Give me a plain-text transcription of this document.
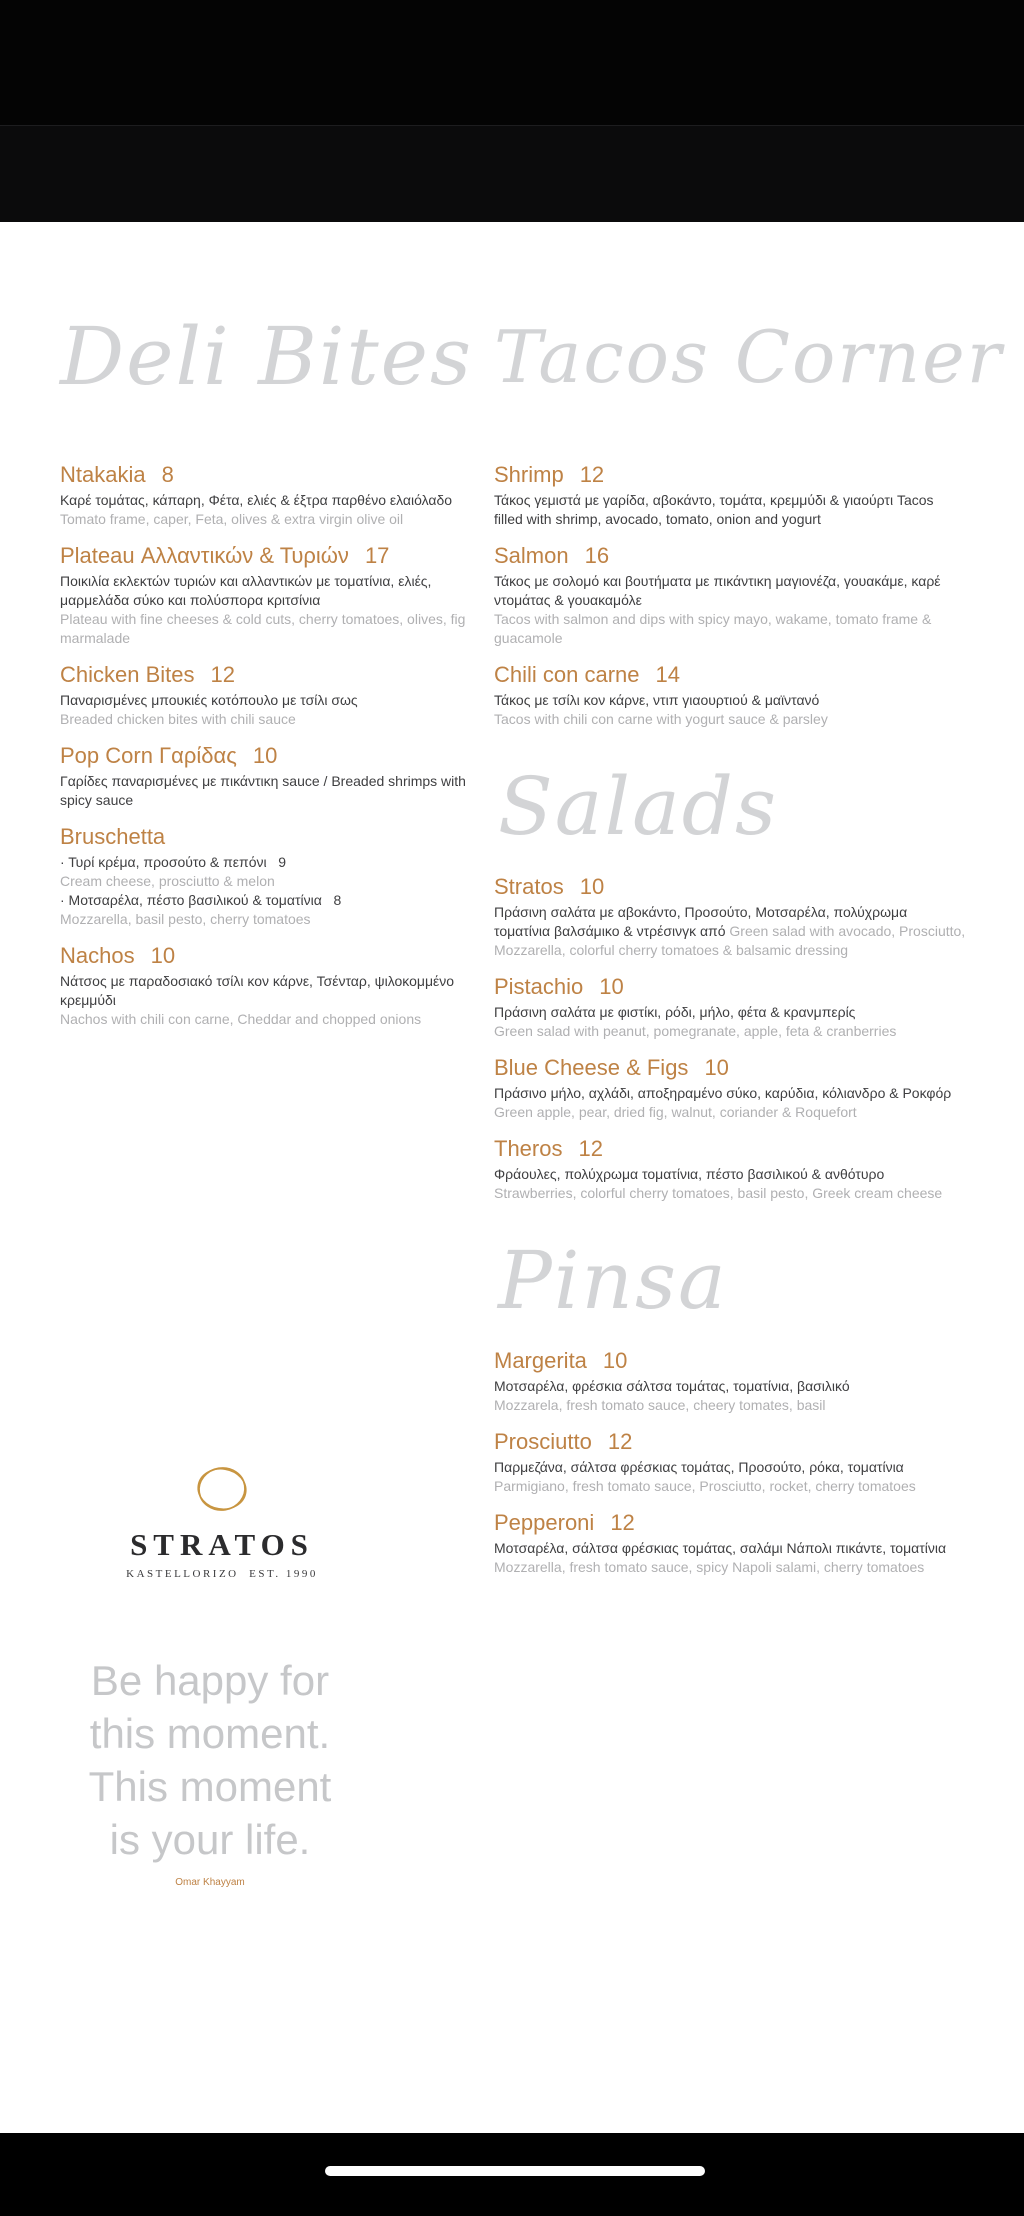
Deli Bites
Ntakakia 8

Καρέ τομάτας, κάπαρη, Φέτα, ελιές & έξτρα παρθένο ελαιόλαδο
Tomato frame, caper, Feta, olives & extra virgin olive oil

Plateau Αλλαντικών & Τυριών 17

Ποικιλία εκλεκτών τυριών και αλλαντικών με τοματίνια, ελιές, μαρμελάδα σύκο και πολύσπορα κριτσίνια
Plateau with fine cheeses & cold cuts, cherry tomatoes, olives, fig marmalade

Chicken Bites 12

Παναρισμένες μπουκιές κοτόπουλο με τσίλι σως
Breaded chicken bites with chili sauce

Pop Corn Γαρίδας 10

Γαρίδες παναρισμένες με πικάντικη sauce / Breaded shrimps with spicy sauce

Bruschetta

· Τυρί κρέμα, προσούτο & πεπόνι   9
Cream cheese, prosciutto & melon
· Μοτσαρέλα, πέστο βασιλικού & τοματίνια   8
Mozzarella, basil pesto, cherry tomatoes

Nachos 10

Νάτσος με παραδοσιακό τσίλι κον κάρνε, Τσένταρ, ψιλοκομμένο κρεμμύδι
Nachos with chili con carne, Cheddar and chopped onions

Tacos Corner
Shrimp 12

Τάκος γεμιστά με γαρίδα, αβοκάντο, τομάτα, κρεμμύδι & γιαούρτι Tacos filled with shrimp, avocado, tomato, onion and yogurt

Salmon 16

Τάκος με σολομό και βουτήματα με πικάντικη μαγιονέζα, γουακάμε, καρέ ντομάτας & γουακαμόλε
Tacos with salmon and dips with spicy mayo, wakame, tomato frame & guacamole

Chili con carne 14

Τάκος με τσίλι κον κάρνε, ντιπ γιαουρτιού & μαϊντανό
Tacos with chili con carne with yogurt sauce & parsley

Salads
Stratos 10

Πράσινη σαλάτα με αβοκάντο, Προσούτο, Μοτσαρέλα, πολύχρωμα τοματίνια βαλσάμικο & ντρέσινγκ από Green salad with avocado, Prosciutto, Mozzarella, colorful cherry tomatoes & balsamic dressing

Pistachio 10

Πράσινη σαλάτα με φιστίκι, ρόδι, μήλο, φέτα & κρανμπερίς
Green salad with peanut, pomegranate, apple, feta & cranberries

Blue Cheese & Figs 10

Πράσινο μήλο, αχλάδι, αποξηραμένο σύκο, καρύδια, κόλιανδρο & Ροκφόρ
Green apple, pear, dried fig, walnut, coriander & Roquefort

Theros 12

Φράουλες, πολύχρωμα τοματίνια, πέστο βασιλικού & ανθότυρο
Strawberries, colorful cherry tomatoes, basil pesto, Greek cream cheese

Pinsa
Margerita 10

Μοτσαρέλα, φρέσκια σάλτσα τομάτας, τοματίνια, βασιλικό
Mozzarela, fresh tomato sauce, cheery tomates, basil

Prosciutto 12

Παρμεζάνα, σάλτσα φρέσκιας τομάτας, Προσούτο, ρόκα, τοματίνια
Parmigiano, fresh tomato sauce, Prosciutto, rocket, cherry tomatoes

Pepperoni 12

Μοτσαρέλα, σάλτσα φρέσκιας τομάτας, σαλάμι Νάπολι πικάντε, τοματίνια
Mozzarella, fresh tomato sauce, spicy Napoli salami, cherry tomatoes

STRATOS
KASTELLORIZO  EST. 1990
Be happy for
this moment.
This moment
is your life.
Omar Khayyam
